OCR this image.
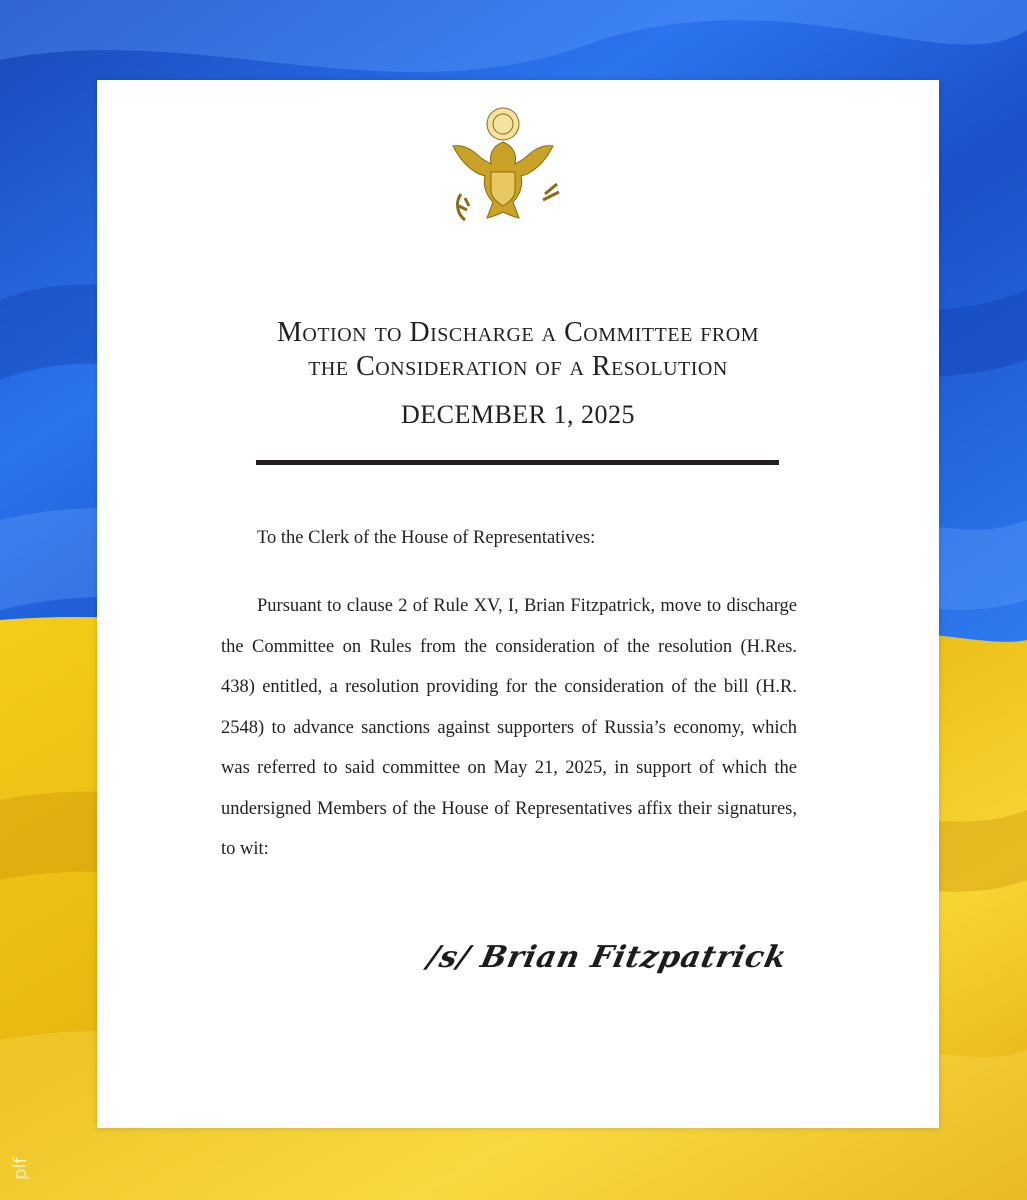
Motion to Discharge a Committee from
the Consideration of a Resolution
DECEMBER 1, 2025
To the Clerk of the House of Representatives:

Pursuant to clause 2 of Rule XV, I, Brian Fitzpatrick, move to discharge the Committee on Rules from the consideration of the resolution (H.Res. 438) entitled, a resolution providing for the consideration of the bill (H.R. 2548) to advance sanctions against supporters of Russia’s economy, which was referred to said committee on May 21, 2025, in support of which the undersigned Members of the House of Representatives affix their signatures, to wit:

/s/ Brian Fitzpatrick
plf
